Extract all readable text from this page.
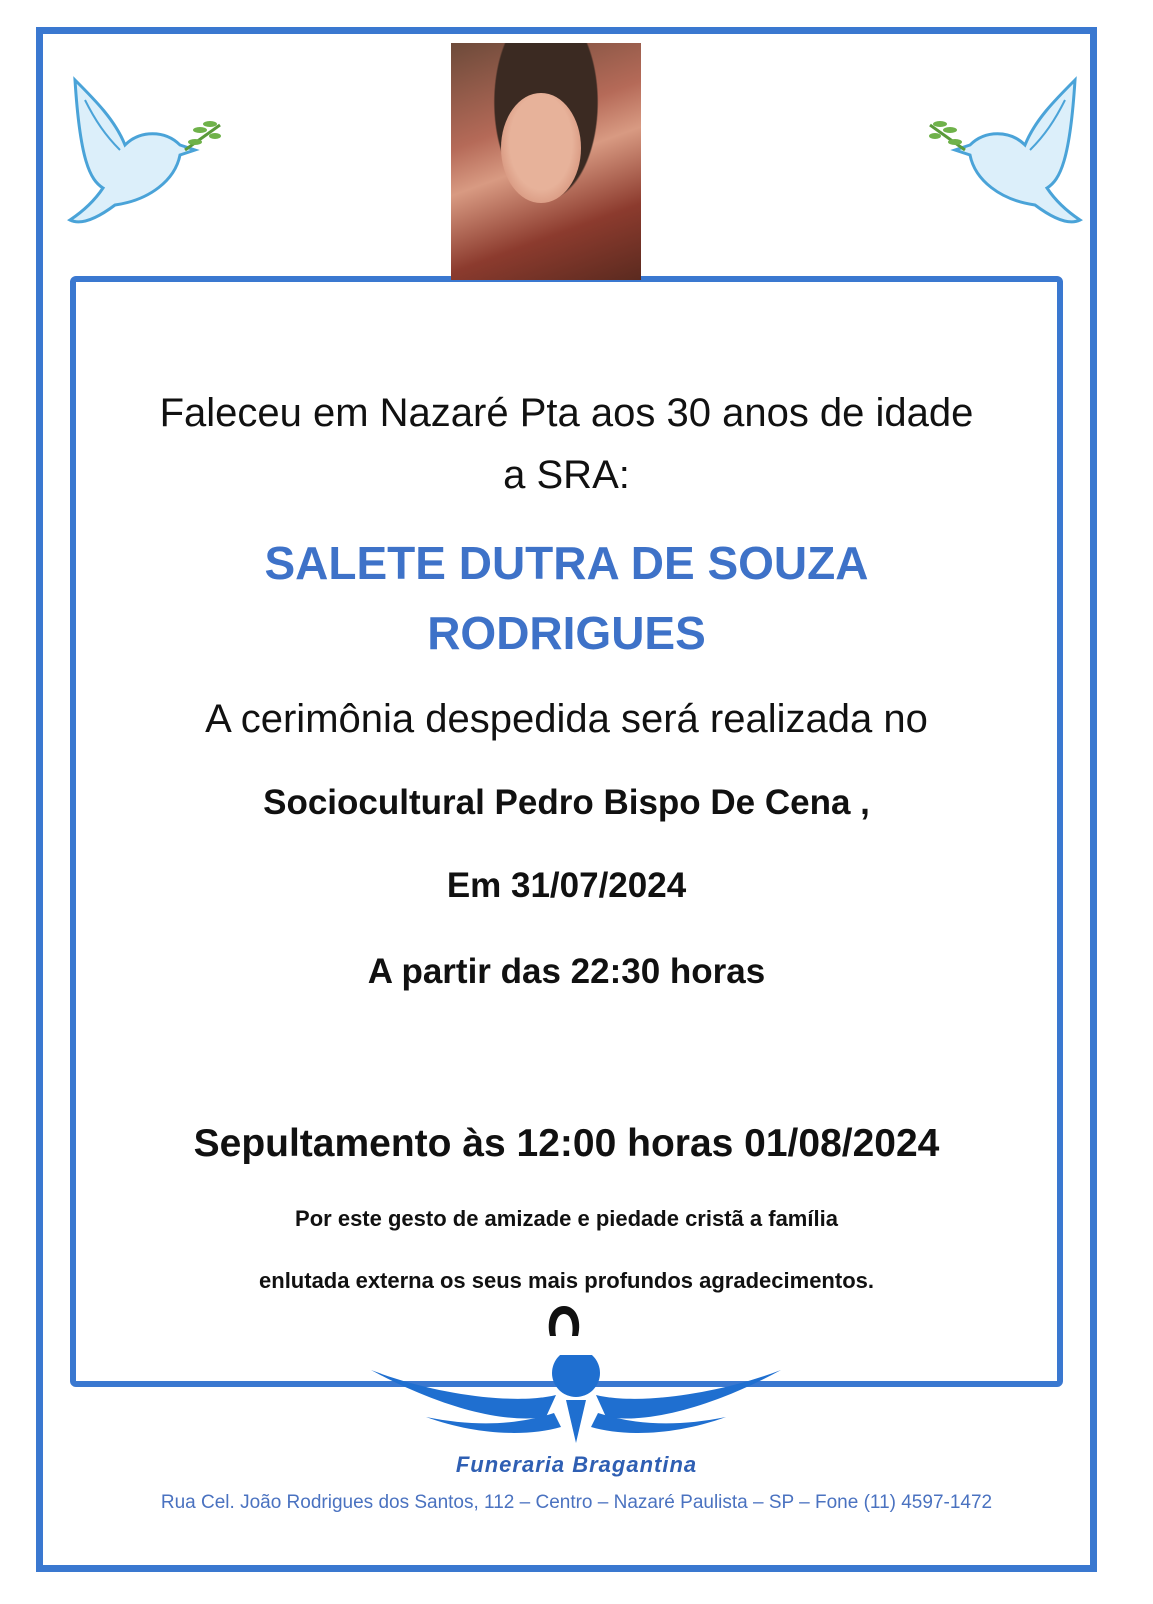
Faleceu em Nazaré Pta aos 30 anos de idade
a SRA:
SALETE DUTRA DE SOUZA
RODRIGUES
A cerimônia despedida será realizada no
Sociocultural Pedro Bispo De Cena ,
Em 31/07/2024
A partir das 22:30 horas
Sepultamento às 12:00 horas 01/08/2024
Por este gesto de amizade e piedade cristã a família
enlutada externa os seus mais profundos agradecimentos.
Funeraria Bragantina
Rua Cel. João Rodrigues dos Santos, 112 – Centro – Nazaré Paulista – SP – Fone (11) 4597-1472
